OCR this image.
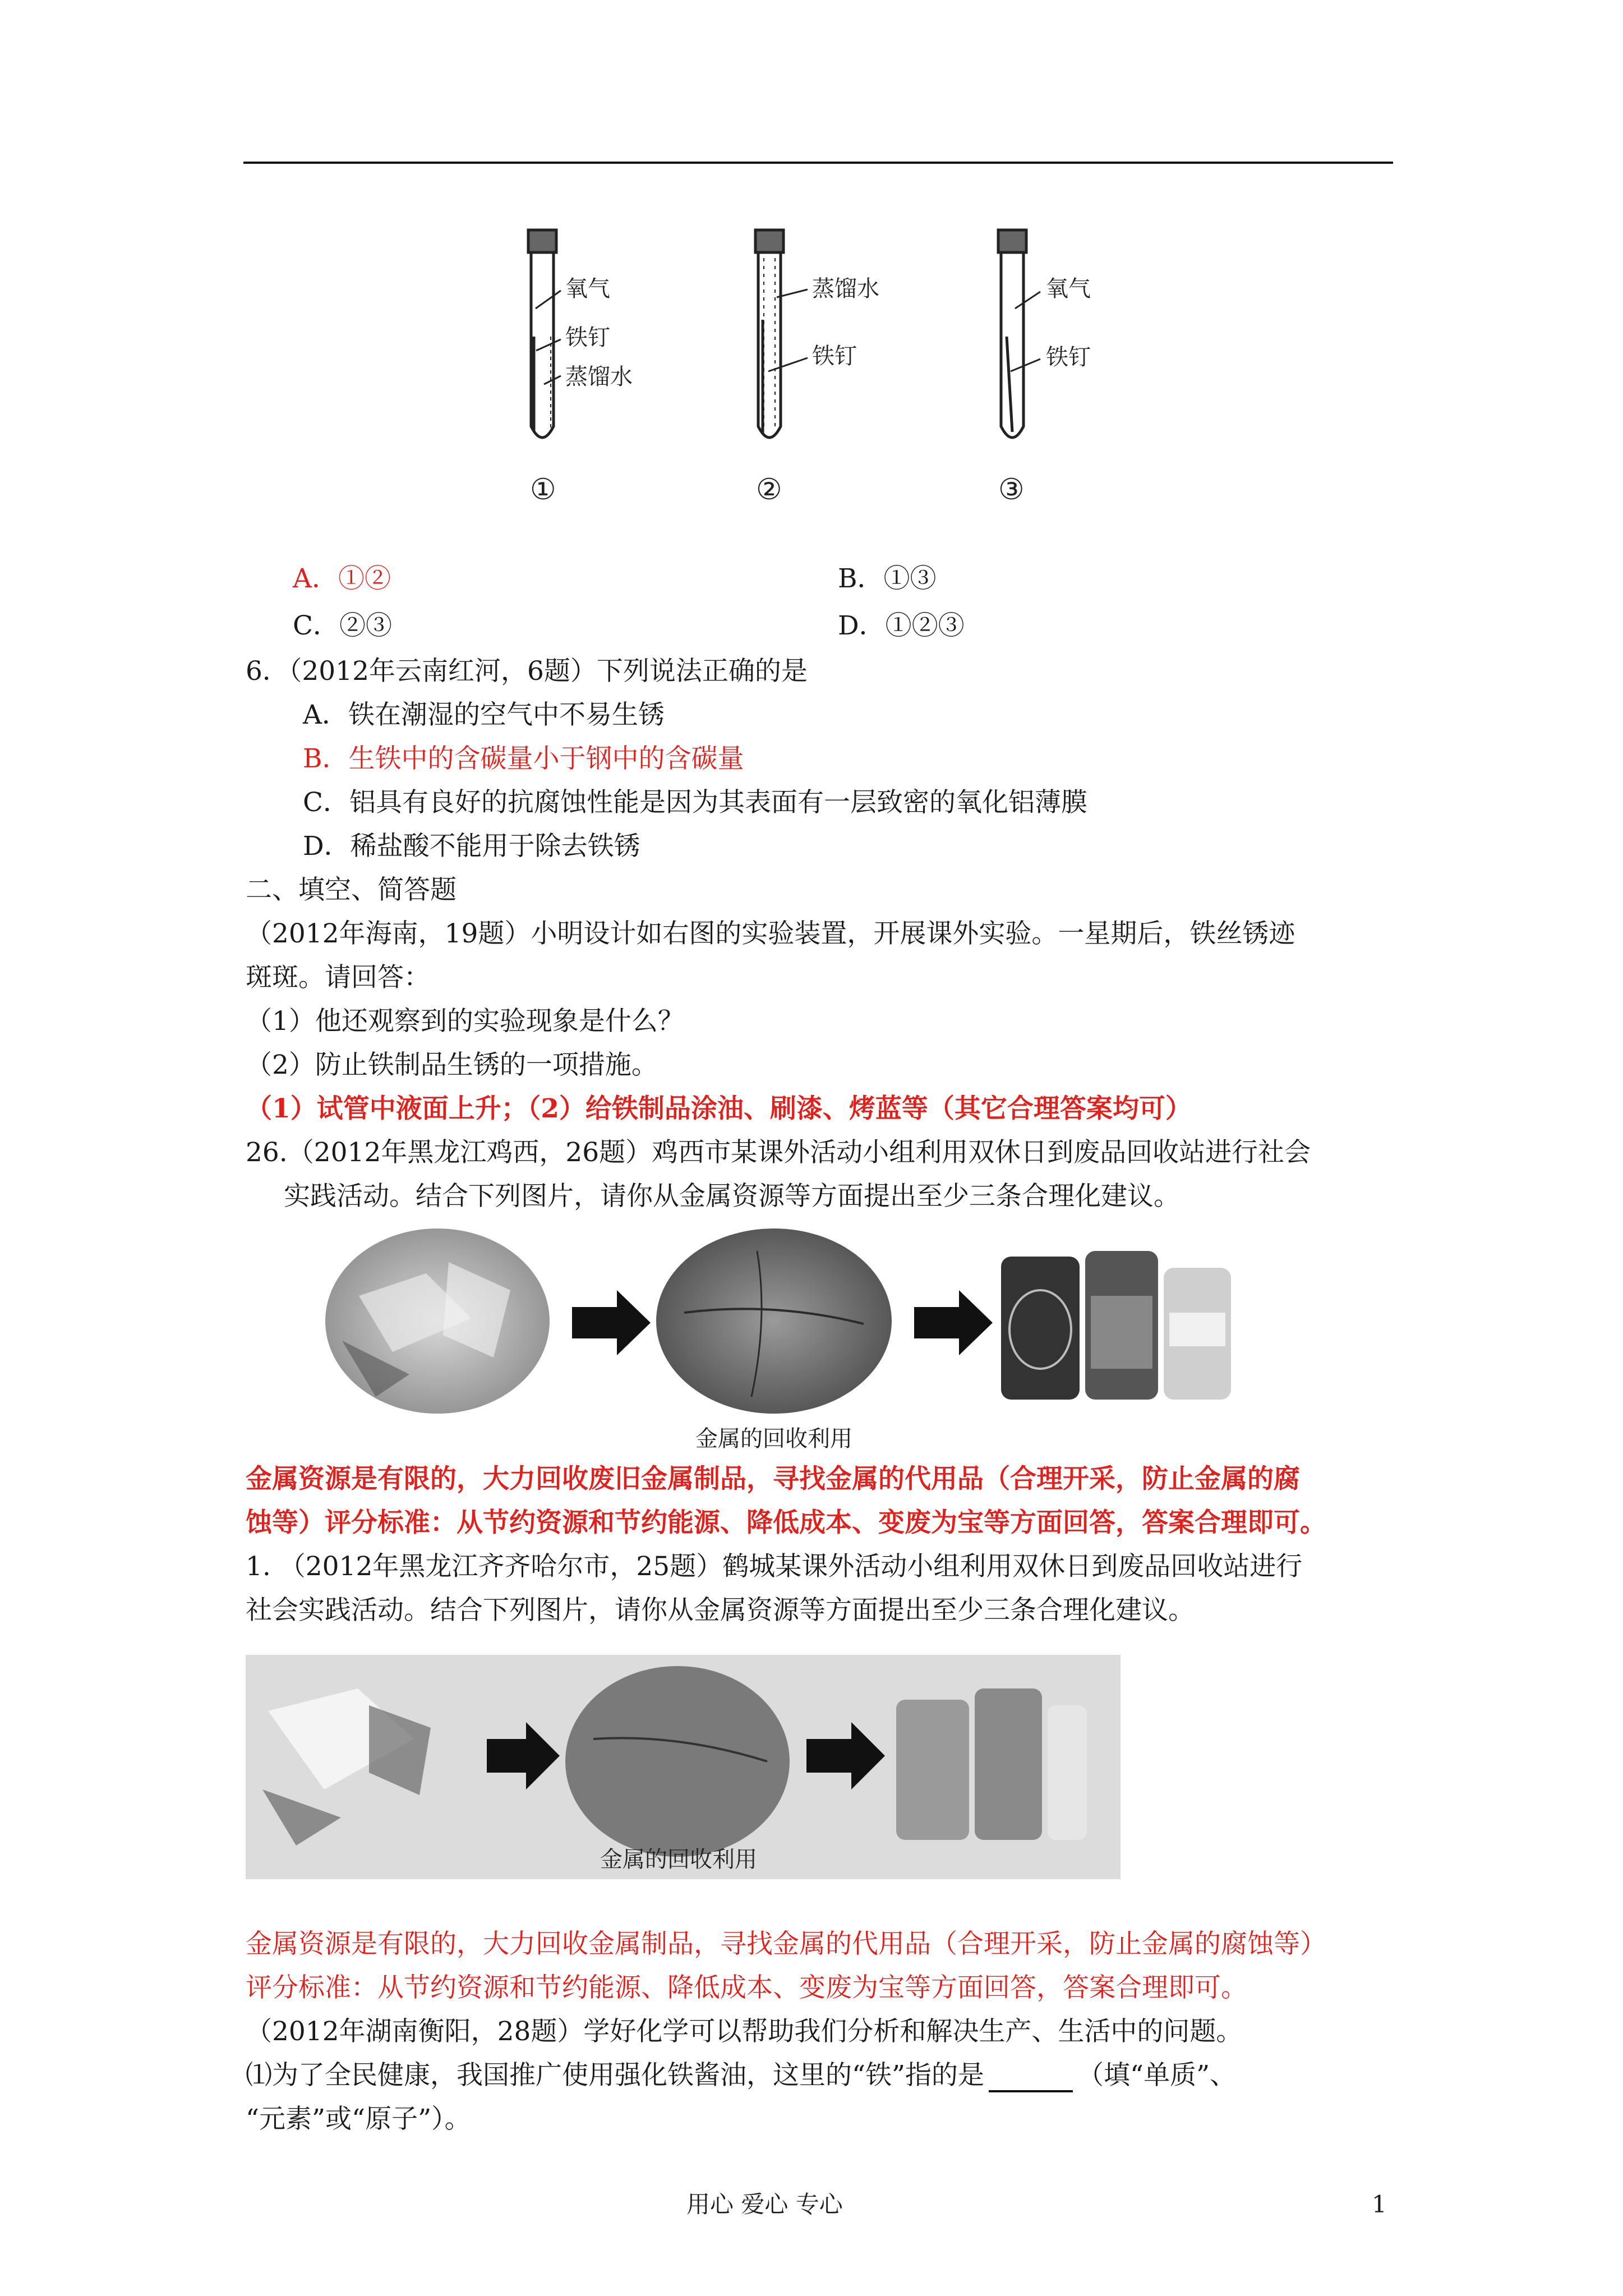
氧气
铁钉
蒸馏水
①
蒸馏水
铁钉
②
氧气
铁钉
③
A．①②	B．①③
C．②③	D．①②③
6．（2012年云南红河，6题）下列说法正确的是
A．铁在潮湿的空气中不易生锈
B．生铁中的含碳量小于钢中的含碳量
C．铝具有良好的抗腐蚀性能是因为其表面有一层致密的氧化铝薄膜
D．稀盐酸不能用于除去铁锈
二、填空、简答题
（2012年海南，19题）小明设计如右图的实验装置，开展课外实验。一星期后，铁丝锈迹
斑斑。请回答：
（1）他还观察到的实验现象是什么？
（2）防止铁制品生锈的一项措施。
（1）试管中液面上升；（2）给铁制品涂油、刷漆、烤蓝等（其它合理答案均可）
26.（2012年黑龙江鸡西，26题）鸡西市某课外活动小组利用双休日到废品回收站进行社会
实践活动。结合下列图片，请你从金属资源等方面提出至少三条合理化建议。
金属的回收利用
金属资源是有限的，大力回收废旧金属制品，寻找金属的代用品（合理开采，防止金属的腐
蚀等）评分标准：从节约资源和节约能源、降低成本、变废为宝等方面回答，答案合理即可。
1. （2012年黑龙江齐齐哈尔市，25题）鹤城某课外活动小组利用双休日到废品回收站进行
社会实践活动。结合下列图片，请你从金属资源等方面提出至少三条合理化建议。
金属的回收利用
金属资源是有限的，大力回收金属制品，寻找金属的代用品（合理开采，防止金属的腐蚀等）
评分标准：从节约资源和节约能源、降低成本、变废为宝等方面回答，答案合理即可。
（2012年湖南衡阳，28题）学好化学可以帮助我们分析和解决生产、生活中的问题。
⑴为了全民健康，我国推广使用强化铁酱油，这里的“铁”指的是	（填“单质”、
“元素”或“原子”）。
用心 爱心 专心	1
